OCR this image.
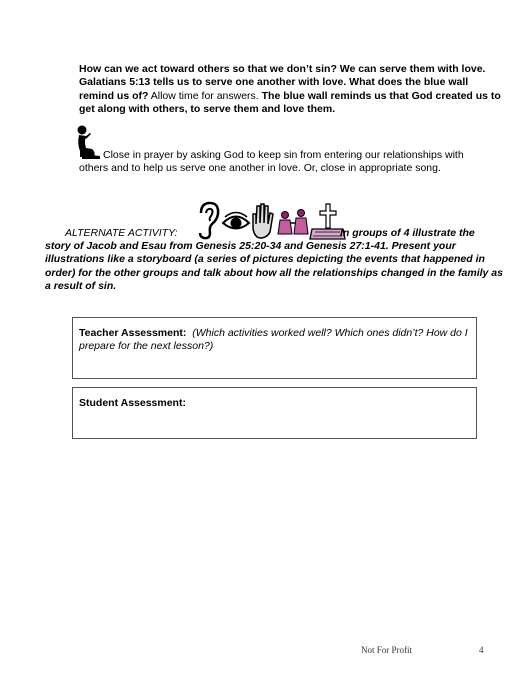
How can we act toward others so that we don’t sin? We can serve them with love. Galatians 5:13 tells us to serve one another with love. What does the blue wall remind us of? Allow time for answers. The blue wall reminds us that God created us to get along with others, to serve them and love them.
Close in prayer by asking God to keep sin from entering our relationships with
others and to help us serve one another in love. Or, close in appropriate song.
ALTERNATE ACTIVITY:	In groups of 4 illustrate the
story of Jacob and Esau from Genesis 25:20-34 and Genesis 27:1-41. Present your illustrations like a storyboard (a series of pictures depicting the events that happened in order) for the other groups and talk about how all the relationships changed in the family as a result of sin.
Teacher Assessment: (Which activities worked well? Which ones didn’t? How do I prepare for the next lesson?)
Student Assessment:
Not For Profit	4
